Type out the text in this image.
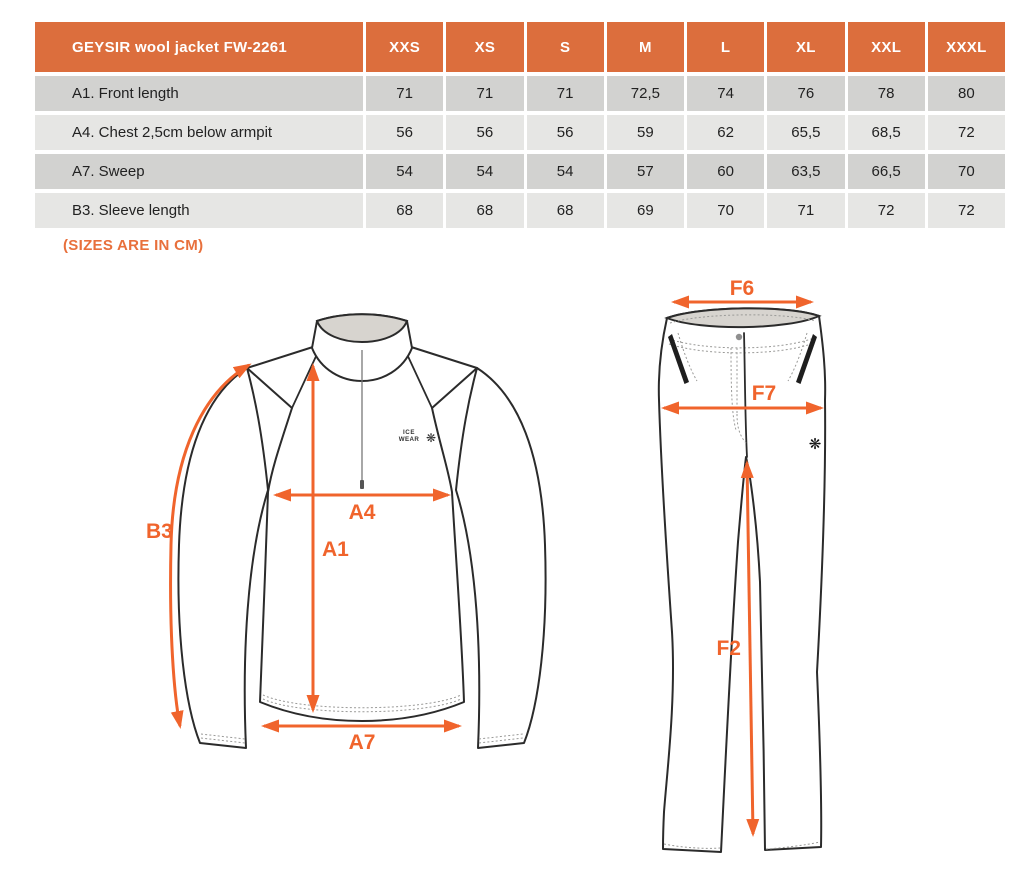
GEYSIR wool jacket FW-2261	XXS	XS	S	M	L	XL	XXL	XXXL
A1. Front length	71	71	71	72,5	74	76	78	80
A4. Chest 2,5cm below armpit	56	56	56	59	62	65,5	68,5	72
A7. Sweep	54	54	54	57	60	63,5	66,5	70
B3. Sleeve length	68	68	68	69	70	71	72	72
(SIZES ARE IN CM)
ICE
WEAR ❋
B3
A4
A1
A7
❋
F6
F7
F2
